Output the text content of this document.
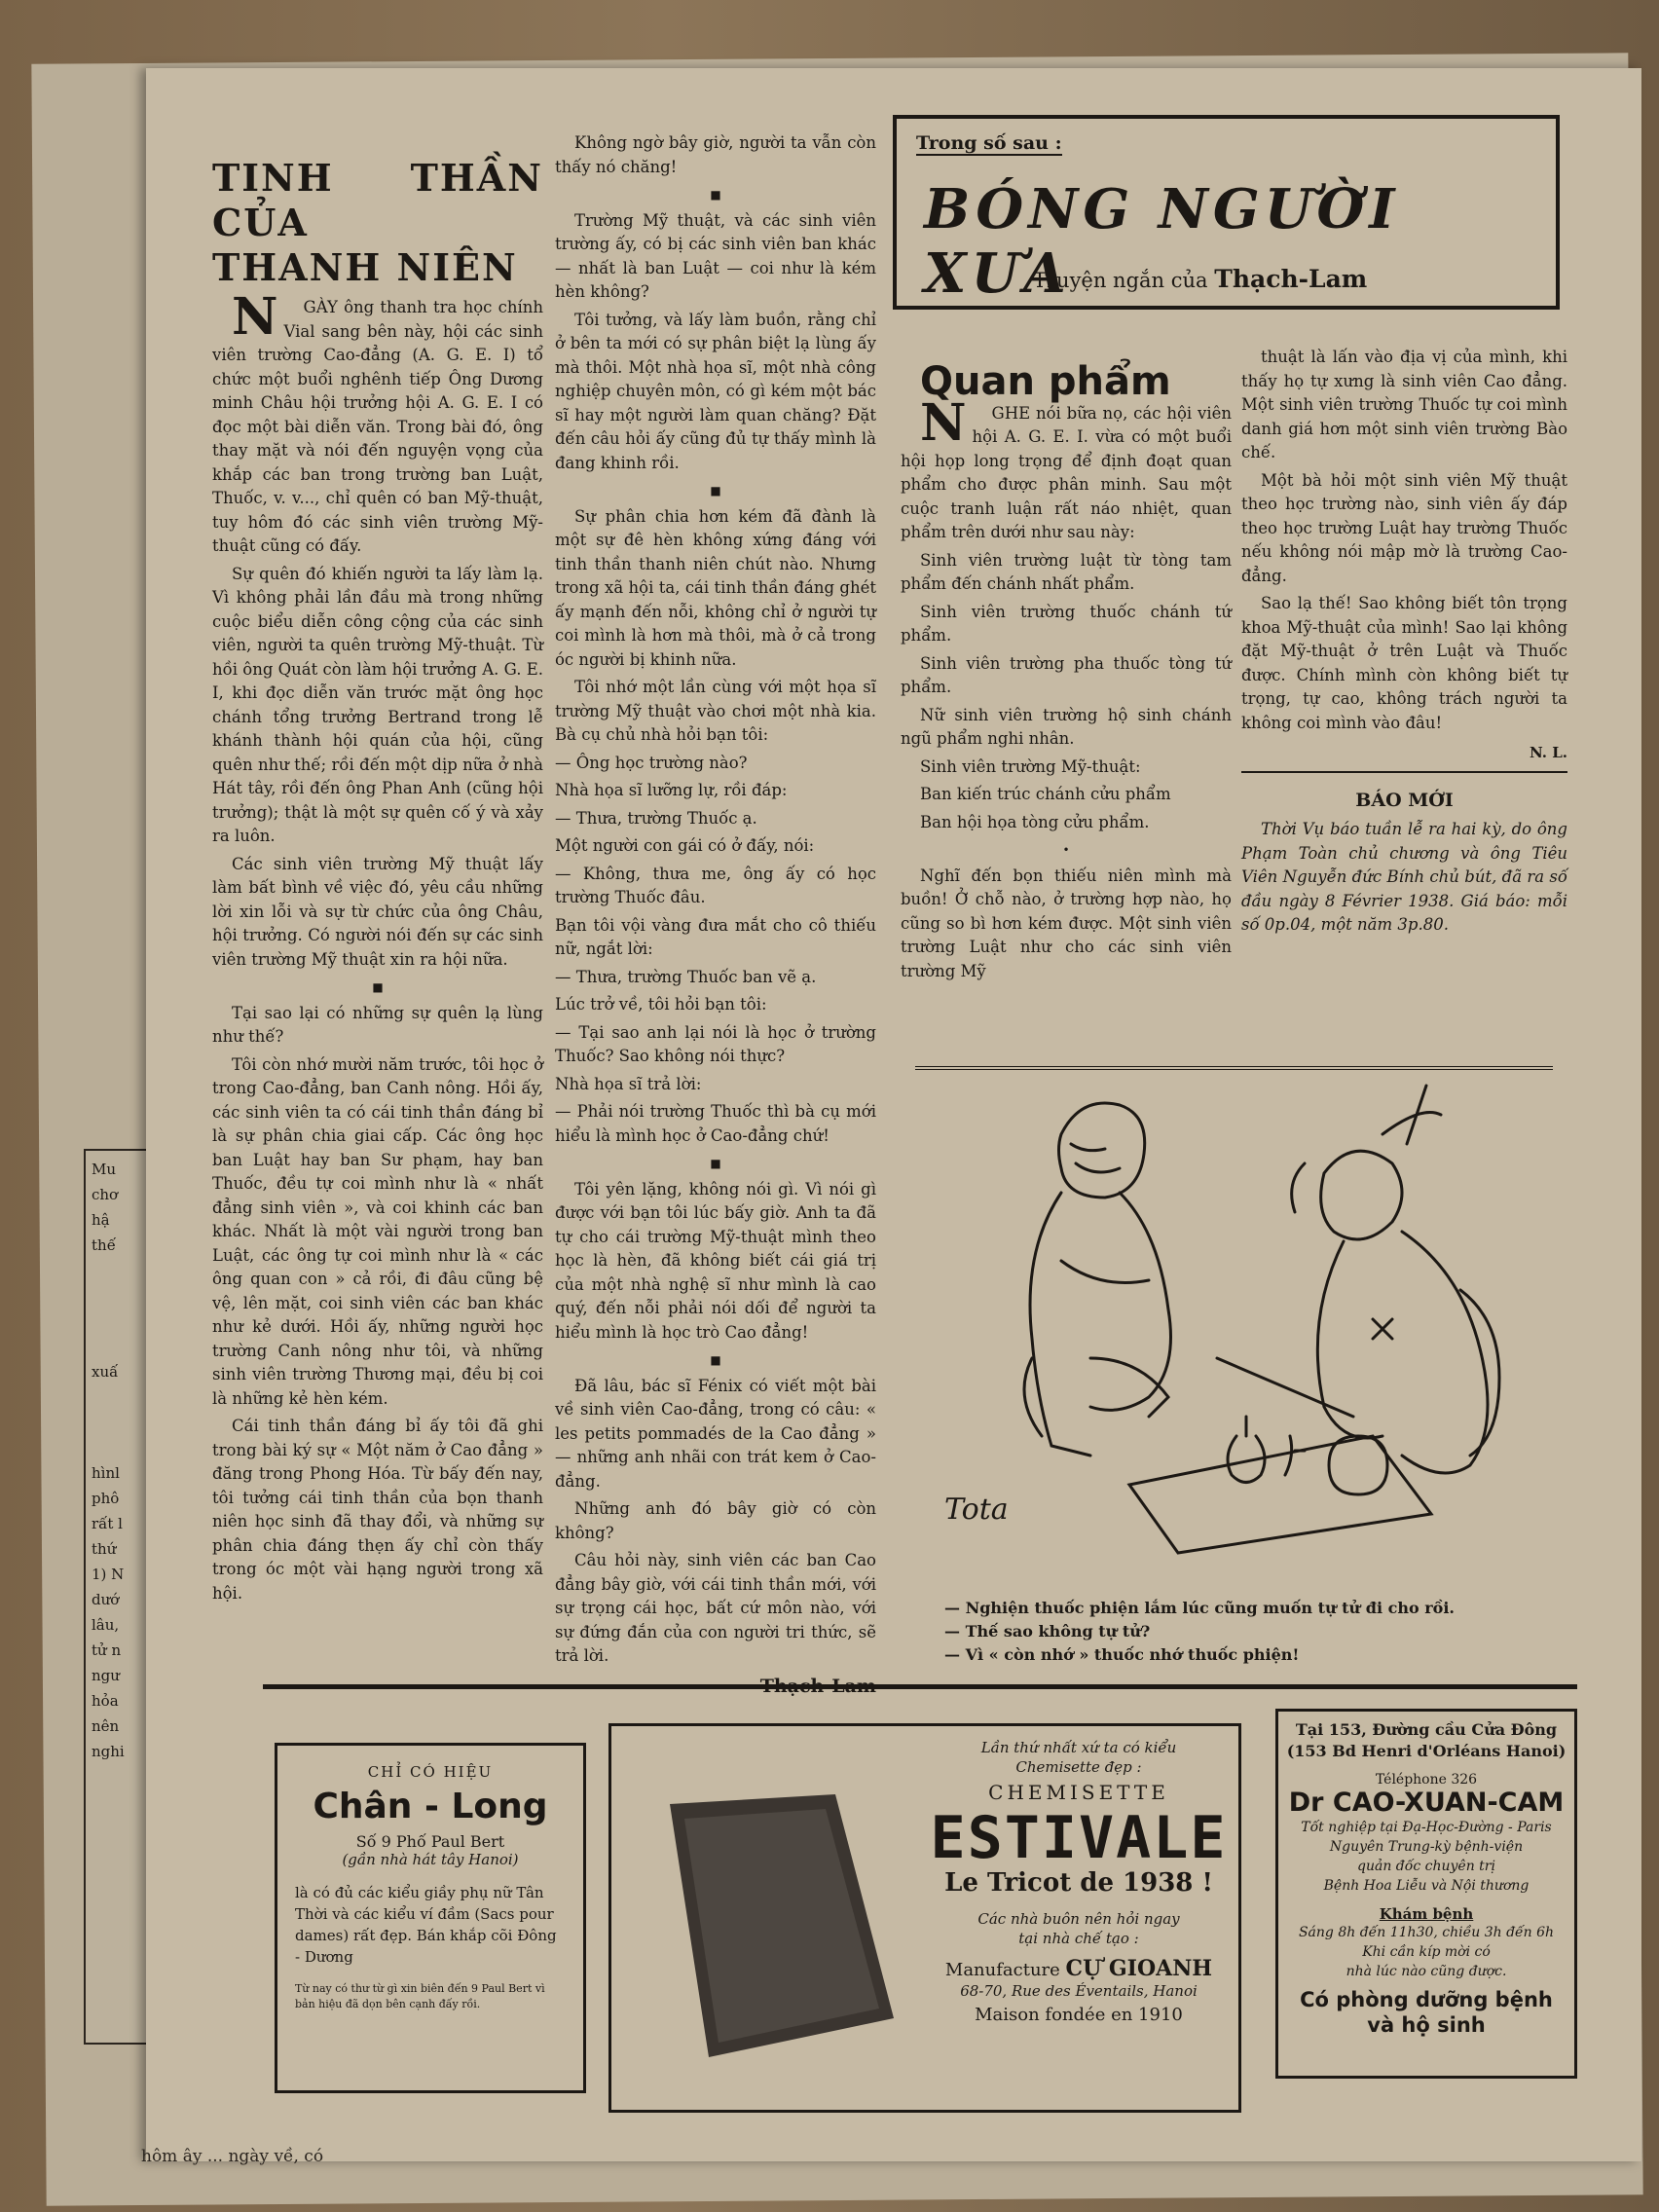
Mu
chơ
hậ
thế

xuấ

hìnl
phô
rất l
thứ
1) N
dướ
lâu,
tử n
ngư
hỏa
nên
nghi
TINH THẦN CỦA
THANH NIÊN

NGÀY ông thanh tra học chính Vial sang bên này, hội các sinh viên trường Cao-đẳng (A. G. E. I) tổ chức một buổi nghênh tiếp Ông Dương minh Châu hội trưởng hội A. G. E. I có đọc một bài diễn văn. Trong bài đó, ông thay mặt và nói đến nguyện vọng của khắp các ban trong trường ban Luật, Thuốc, v. v..., chỉ quên có ban Mỹ-thuật, tuy hôm đó các sinh viên trường Mỹ-thuật cũng có đấy.

Sự quên đó khiến người ta lấy làm lạ. Vì không phải lần đầu mà trong những cuộc biểu diễn công cộng của các sinh viên, người ta quên trường Mỹ-thuật. Từ hồi ông Quát còn làm hội trưởng A. G. E. I, khi đọc diễn văn trước mặt ông học chánh tổng trưởng Bertrand trong lễ khánh thành hội quán của hội, cũng quên như thế; rồi đến một dịp nữa ở nhà Hát tây, rồi đến ông Phan Anh (cũng hội trưởng); thật là một sự quên cố ý và xảy ra luôn.

Các sinh viên trường Mỹ thuật lấy làm bất bình về việc đó, yêu cầu những lời xin lỗi và sự từ chức của ông Châu, hội trưởng. Có người nói đến sự các sinh viên trường Mỹ thuật xin ra hội nữa.

■

Tại sao lại có những sự quên lạ lùng như thế?

Tôi còn nhớ mười năm trước, tôi học ở trong Cao-đẳng, ban Canh nông. Hồi ấy, các sinh viên ta có cái tinh thần đáng bỉ là sự phân chia giai cấp. Các ông học ban Luật hay ban Sư phạm, hay ban Thuốc, đều tự coi mình như là « nhất đẳng sinh viên », và coi khinh các ban khác. Nhất là một vài người trong ban Luật, các ông tự coi mình như là « các ông quan con » cả rồi, đi đâu cũng bệ vệ, lên mặt, coi sinh viên các ban khác như kẻ dưới. Hồi ấy, những người học trường Canh nông như tôi, và những sinh viên trường Thương mại, đều bị coi là những kẻ hèn kém.

Cái tinh thần đáng bỉ ấy tôi đã ghi trong bài ký sự « Một năm ở Cao đẳng » đăng trong Phong Hóa. Từ bấy đến nay, tôi tưởng cái tinh thần của bọn thanh niên học sinh đã thay đổi, và những sự phân chia đáng thẹn ấy chỉ còn thấy trong óc một vài hạng người trong xã hội.

Không ngờ bây giờ, người ta vẫn còn thấy nó chăng!

■

Trường Mỹ thuật, và các sinh viên trường ấy, có bị các sinh viên ban khác — nhất là ban Luật — coi như là kém hèn không?

Tôi tưởng, và lấy làm buồn, rằng chỉ ở bên ta mới có sự phân biệt lạ lùng ấy mà thôi. Một nhà họa sĩ, một nhà công nghiệp chuyên môn, có gì kém một bác sĩ hay một người làm quan chăng? Đặt đến câu hỏi ấy cũng đủ tự thấy mình là đang khinh rồi.

■

Sự phân chia hơn kém đã đành là một sự đê hèn không xứng đáng với tinh thần thanh niên chút nào. Nhưng trong xã hội ta, cái tinh thần đáng ghét ấy mạnh đến nỗi, không chỉ ở người tự coi mình là hơn mà thôi, mà ở cả trong óc người bị khinh nữa.

Tôi nhớ một lần cùng với một họa sĩ trường Mỹ thuật vào chơi một nhà kia. Bà cụ chủ nhà hỏi bạn tôi:

— Ông học trường nào?

Nhà họa sĩ lưỡng lự, rồi đáp:

— Thưa, trường Thuốc ạ.

Một người con gái có ở đấy, nói:

— Không, thưa me, ông ấy có học trường Thuốc đâu.

Bạn tôi vội vàng đưa mắt cho cô thiếu nữ, ngắt lời:

— Thưa, trường Thuốc ban vẽ ạ.

Lúc trở về, tôi hỏi bạn tôi:

— Tại sao anh lại nói là học ở trường Thuốc? Sao không nói thực?

Nhà họa sĩ trả lời:

— Phải nói trường Thuốc thì bà cụ mới hiểu là mình học ở Cao-đẳng chứ!

■

Tôi yên lặng, không nói gì. Vì nói gì được với bạn tôi lúc bấy giờ. Anh ta đã tự cho cái trường Mỹ-thuật mình theo học là hèn, đã không biết cái giá trị của một nhà nghệ sĩ như mình là cao quý, đến nỗi phải nói dối để người ta hiểu mình là học trò Cao đẳng!

■

Đã lâu, bác sĩ Fénix có viết một bài về sinh viên Cao-đẳng, trong có câu: « les petits pommadés de la Cao đẳng » — những anh nhãi con trát kem ở Cao-đẳng.

Những anh đó bây giờ có còn không?

Câu hỏi này, sinh viên các ban Cao đẳng bây giờ, với cái tinh thần mới, với sự trọng cái học, bất cứ môn nào, với sự đứng đắn của con người tri thức, sẽ trả lời.

Thạch-Lam
Trong số sau :
BÓNG NGƯỜI XƯA
Truyện ngắn của Thạch-Lam
Quan phẩm

NGHE nói bữa nọ, các hội viên hội A. G. E. I. vừa có một buổi hội họp long trọng để định đoạt quan phẩm cho được phân minh. Sau một cuộc tranh luận rất náo nhiệt, quan phẩm trên dưới như sau này:

Sinh viên trường luật từ tòng tam phẩm đến chánh nhất phẩm.

Sinh viên trường thuốc chánh tứ phẩm.

Sinh viên trường pha thuốc tòng tứ phẩm.

Nữ sinh viên trường hộ sinh chánh ngũ phẩm nghi nhân.

Sinh viên trường Mỹ-thuật:

Ban kiến trúc chánh cửu phẩm

Ban hội họa tòng cửu phẩm.

•

Nghĩ đến bọn thiếu niên mình mà buồn! Ở chỗ nào, ở trường hợp nào, họ cũng so bì hơn kém được. Một sinh viên trường Luật như cho các sinh viên trường Mỹ

thuật là lấn vào địa vị của mình, khi thấy họ tự xưng là sinh viên Cao đẳng. Một sinh viên trường Thuốc tự coi mình danh giá hơn một sinh viên trường Bào chế.

Một bà hỏi một sinh viên Mỹ thuật theo học trường nào, sinh viên ấy đáp theo học trường Luật hay trường Thuốc nếu không nói mập mờ là trường Cao-đẳng.

Sao lạ thế! Sao không biết tôn trọng khoa Mỹ-thuật của mình! Sao lại không đặt Mỹ-thuật ở trên Luật và Thuốc được. Chính mình còn không biết tự trọng, tự cao, không trách người ta không coi mình vào đâu!

N. L.
BÁO MỚI

Thời Vụ báo tuần lễ ra hai kỳ, do ông Phạm Toàn chủ chương và ông Tiêu Viên Nguyễn đức Bính chủ bút, đã ra số đầu ngày 8 Février 1938. Giá báo: mỗi số 0p.04, một năm 3p.80.

Tota
— Nghiện thuốc phiện lắm lúc cũng muốn tự tử đi cho rồi.
— Thế sao không tự tử?
— Vì « còn nhớ » thuốc nhớ thuốc phiện!
CHỈ CÓ HIỆU
Chân - Long
Số 9 Phố Paul Bert
(gần nhà hát tây Hanoi)
là có đủ các kiểu giầy phụ nữ Tân Thời và các kiểu ví đầm (Sacs pour dames) rất đẹp. Bán khắp cõi Đông - Dương
Từ nay có thư từ gì xin biên đến 9 Paul Bert vì bản hiệu đã dọn bên cạnh đấy rồi.
Lần thứ nhất xứ ta có kiểu
Chemisette đẹp :
CHEMISETTE
ESTIVALE
Le Tricot de 1938 !
Các nhà buôn nên hỏi ngay
tại nhà chế tạo :
Manufacture CỰ GIOANH
68-70, Rue des Éventails, Hanoi
Maison fondée en 1910
Tại 153, Đường cầu Cửa Đông
(153 Bd Henri d'Orléans Hanoi)
Téléphone 326
Dr CAO-XUAN-CAM
Tốt nghiệp tại Đạ-Học-Đường - Paris
Nguyên Trung-kỳ bệnh-viện
quản đốc chuyên trị
Bệnh Hoa Liễu và Nội thương
Khám bệnh
Sáng 8h đến 11h30, chiều 3h đến 6h
Khi cần kíp mời có
nhà lúc nào cũng được.
Có phòng dưỡng bệnh
và hộ sinh
hôm ây ... ngày về, có
